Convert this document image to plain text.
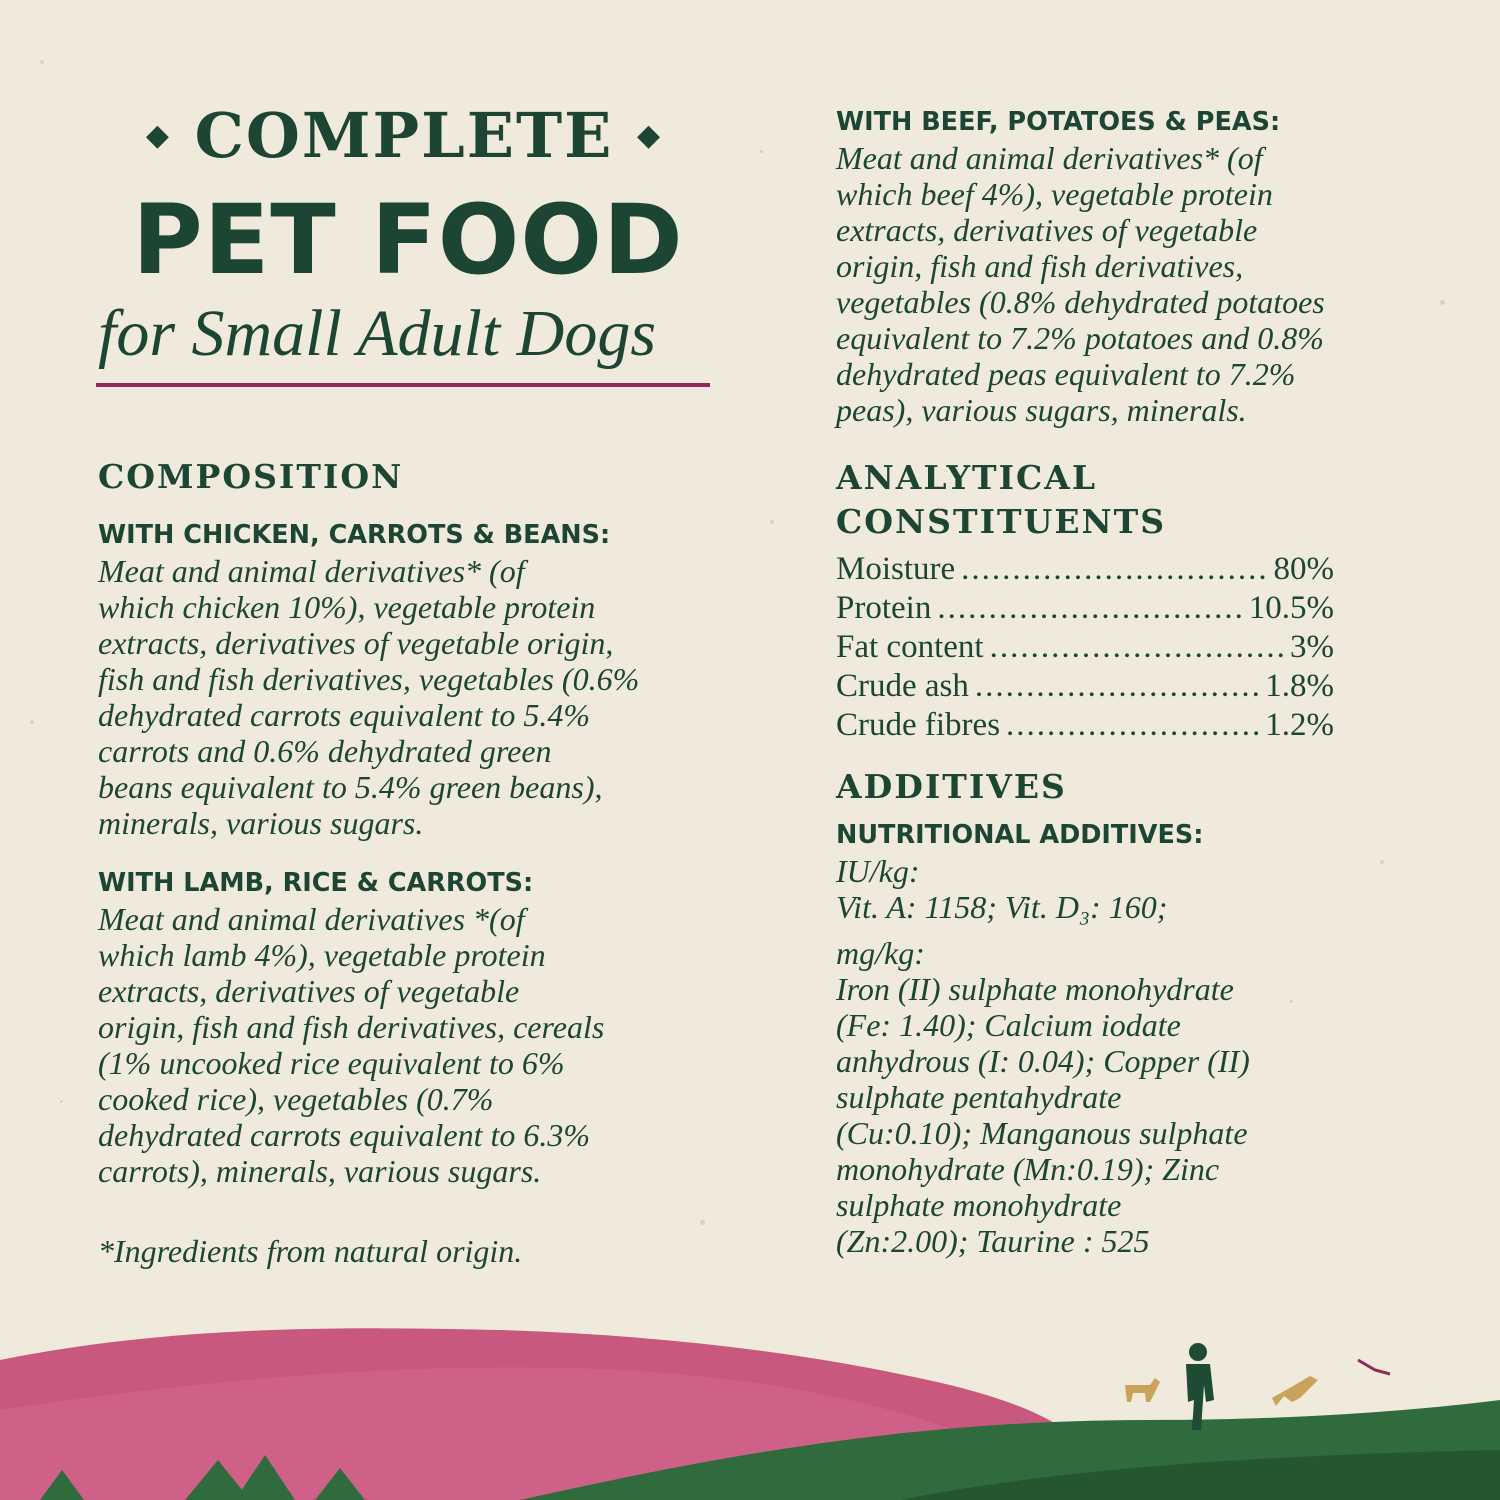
◆ COMPLETE ◆
PET FOOD
for Small Adult Dogs
COMPOSITION
WITH CHICKEN, CARROTS & BEANS:

Meat and animal derivatives* (of
which chicken 10%), vegetable protein
extracts, derivatives of vegetable origin,
fish and fish derivatives, vegetables (0.6%
dehydrated carrots equivalent to 5.4%
carrots and 0.6% dehydrated green
beans equivalent to 5.4% green beans),
minerals, various sugars.

WITH LAMB, RICE & CARROTS:

Meat and animal derivatives *(of
which lamb 4%), vegetable protein
extracts, derivatives of vegetable
origin, fish and fish derivatives, cereals
(1% uncooked rice equivalent to 6%
cooked rice), vegetables (0.7%
dehydrated carrots equivalent to 6.3%
carrots), minerals, various sugars.

*Ingredients from natural origin.

WITH BEEF, POTATOES & PEAS:

Meat and animal derivatives* (of
which beef 4%), vegetable protein
extracts, derivatives of vegetable
origin, fish and fish derivatives,
vegetables (0.8% dehydrated potatoes
equivalent to 7.2% potatoes and 0.8%
dehydrated peas equivalent to 7.2%
peas), various sugars, minerals.

ANALYTICAL
CONSTITUENTS
Moisture .....	80%
Protein .....	10.5%
Fat content .....	3%
Crude ash .....	1.8%
Crude fibres .....	1.2%
ADDITIVES
NUTRITIONAL ADDITIVES:

IU/kg:

Vit. A: 1158; Vit. D₃: 160;

mg/kg:

Iron (II) sulphate monohydrate
(Fe: 1.40); Calcium iodate
anhydrous (I: 0.04); Copper (II)
sulphate pentahydrate
(Cu:0.10); Manganous sulphate
monohydrate (Mn:0.19); Zinc
sulphate monohydrate
(Zn:2.00); Taurine : 525
